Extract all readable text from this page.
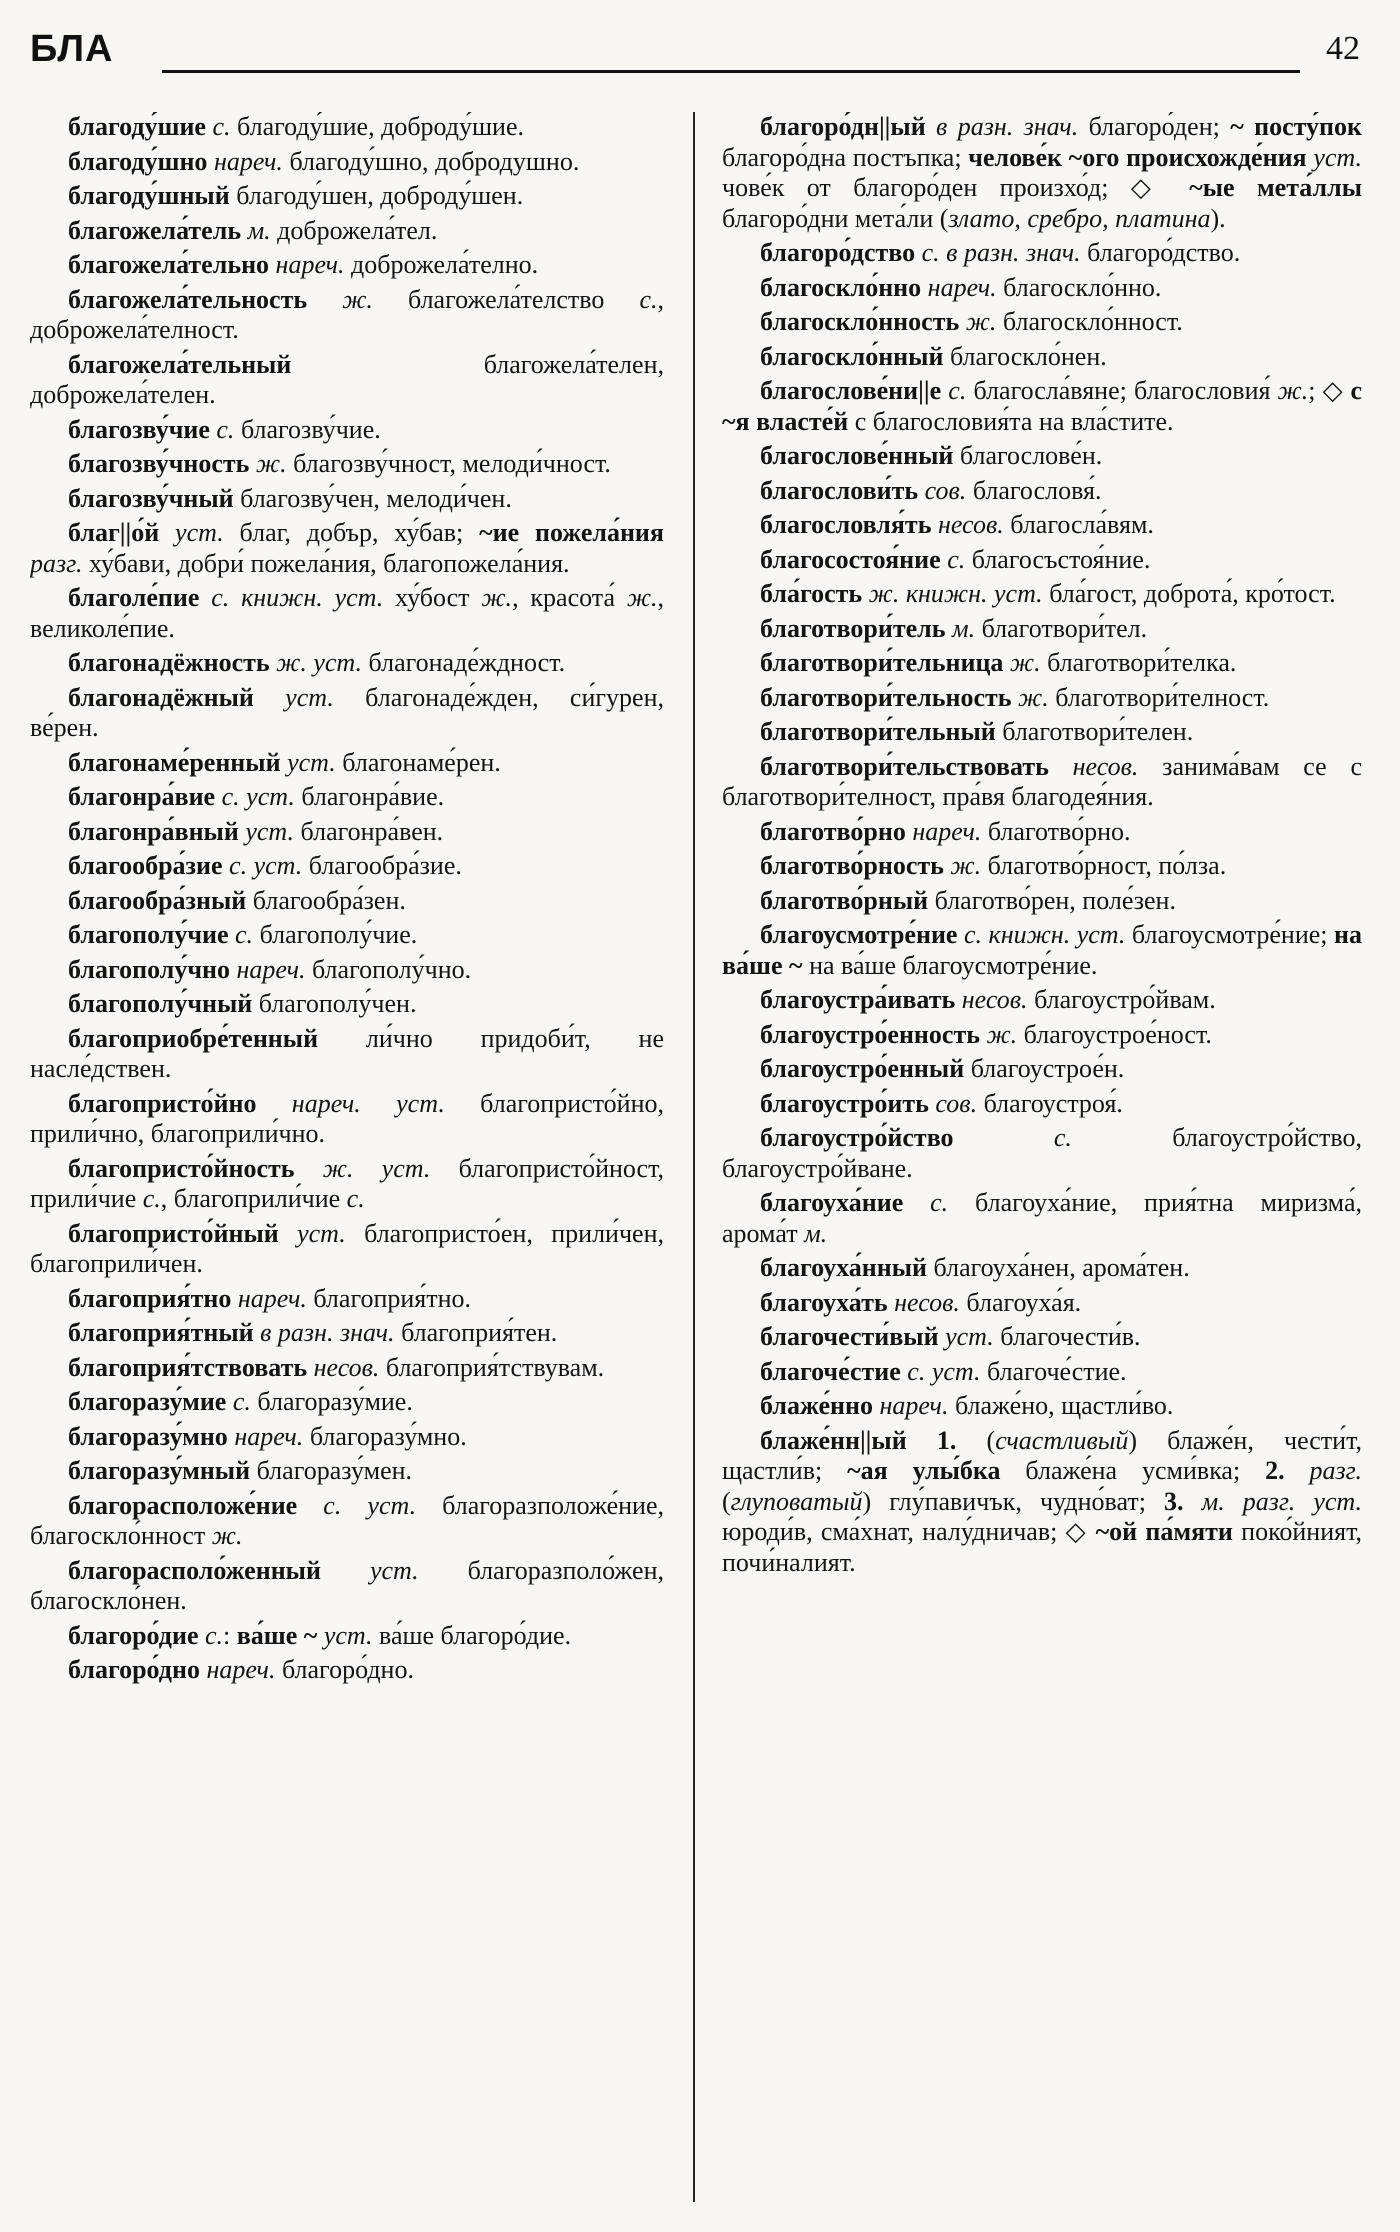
БЛА	42

благоду́шие с. благоду́шие, доброду́шие.

благоду́шно нареч. благоду́шно, добродушно.

благоду́шный благоду́шен, доброду́шен.

благожела́тель м. доброжела́тел.

благожела́тельно нареч. доброжела́телно.

благожела́тельность ж. благожела́телство с., доброжела́телност.

благожела́тельный благожела́телен, доброжела́телен.

благозву́чие с. благозву́чие.

благозву́чность ж. благозву́чност, мелоди́чност.

благозву́чный благозву́чен, мелоди́чен.

благ||о́й уст. благ, добър, ху́бав; ~ие пожела́ния разг. ху́бави, добри́ пожела́ния, благопожела́ния.

благоле́пие с. книжн. уст. ху́бост ж., красота́ ж., великоле́пие.

благонадёжность ж. уст. благонаде́ждност.

благонадёжный уст. благонаде́жден, си́гурен, ве́рен.

благонаме́ренный уст. благонаме́рен.

благонра́вие с. уст. благонра́вие.

благонра́вный уст. благонра́вен.

благообра́зие с. уст. благообра́зие.

благообра́зный благообра́зен.

благополу́чие с. благополу́чие.

благополу́чно нареч. благополу́чно.

благополу́чный благополу́чен.

благоприобре́тенный ли́чно придоби́т, не насле́дствен.

благопристо́йно нареч. уст. благопристо́йно, прили́чно, благоприли́чно.

благопристо́йность ж. уст. благопристо́йност, прили́чие с., благоприли́чие с.

благопристо́йный уст. благопристо́ен, прили́чен, благоприли́чен.

благоприя́тно нареч. благоприя́тно.

благоприя́тный в разн. знач. благоприя́тен.

благоприя́тствовать несов. благоприя́тствувам.

благоразу́мие с. благоразу́мие.

благоразу́мно нареч. благоразу́мно.

благоразу́мный благоразу́мен.

благорасположе́ние с. уст. благоразположе́ние, благоскло́нност ж.

благорасполо́женный уст. благоразполо́жен, благоскло́нен.

благоро́дие с.: ва́ше ~ уст. ва́ше благоро́дие.

благоро́дно нареч. благоро́дно.

благоро́дн||ый в разн. знач. благоро́ден; ~ посту́пок благоро́дна постъпка; челове́к ~ого происхожде́ния уст. чове́к от благоро́ден произхо́д; ◇ ~ые мета́ллы благоро́дни мета́ли (злато, сребро, платина).

благоро́дство с. в разн. знач. благоро́дство.

благоскло́нно нареч. благоскло́нно.

благоскло́нность ж. благоскло́нност.

благоскло́нный благоскло́нен.

благослове́ни||е с. благосла́вяне; благословия́ ж.; ◇ с ~я власте́й с благословия́та на вла́стите.

благослове́нный благослове́н.

благослови́ть сов. благословя́.

благословля́ть несов. благосла́вям.

благосостоя́ние с. благосъстоя́ние.

бла́гость ж. книжн. уст. бла́гост, доброта́, кро́тост.

благотвори́тель м. благотвори́тел.

благотвори́тельница ж. благотвори́телка.

благотвори́тельность ж. благотвори́телност.

благотвори́тельный благотвори́телен.

благотвори́тельствовать несов. занима́вам се с благотвори́телност, пра́вя благодея́ния.

благотво́рно нареч. благотво́рно.

благотво́рность ж. благотво́рност, по́лза.

благотво́рный благотво́рен, поле́зен.

благоусмотре́ние с. книжн. уст. благоусмотре́ние; на ва́ше ~ на ва́ше благоусмотре́ние.

благоустра́ивать несов. благоустро́йвам.

благоустро́енность ж. благоустрое́ност.

благоустро́енный благоустрое́н.

благоустро́ить сов. благоустроя́.

благоустро́йство с. благоустро́йство, благоустро́йване.

благоуха́ние с. благоуха́ние, прия́тна миризма́, арома́т м.

благоуха́нный благоуха́нен, арома́тен.

благоуха́ть несов. благоуха́я.

благочести́вый уст. благочести́в.

благоче́стие с. уст. благоче́стие.

блаже́нно нареч. блаже́но, щастли́во.

блаже́нн||ый 1. (счастливый) блаже́н, чести́т, щастли́в; ~ая улы́бка блаже́на усми́вка; 2. разг. (глуповатый) глу́павичък, чудно́ват; 3. м. разг. уст. юроди́в, сма́хнат, налу́дничав; ◇ ~ой па́мяти поко́йният, почи́налият.
